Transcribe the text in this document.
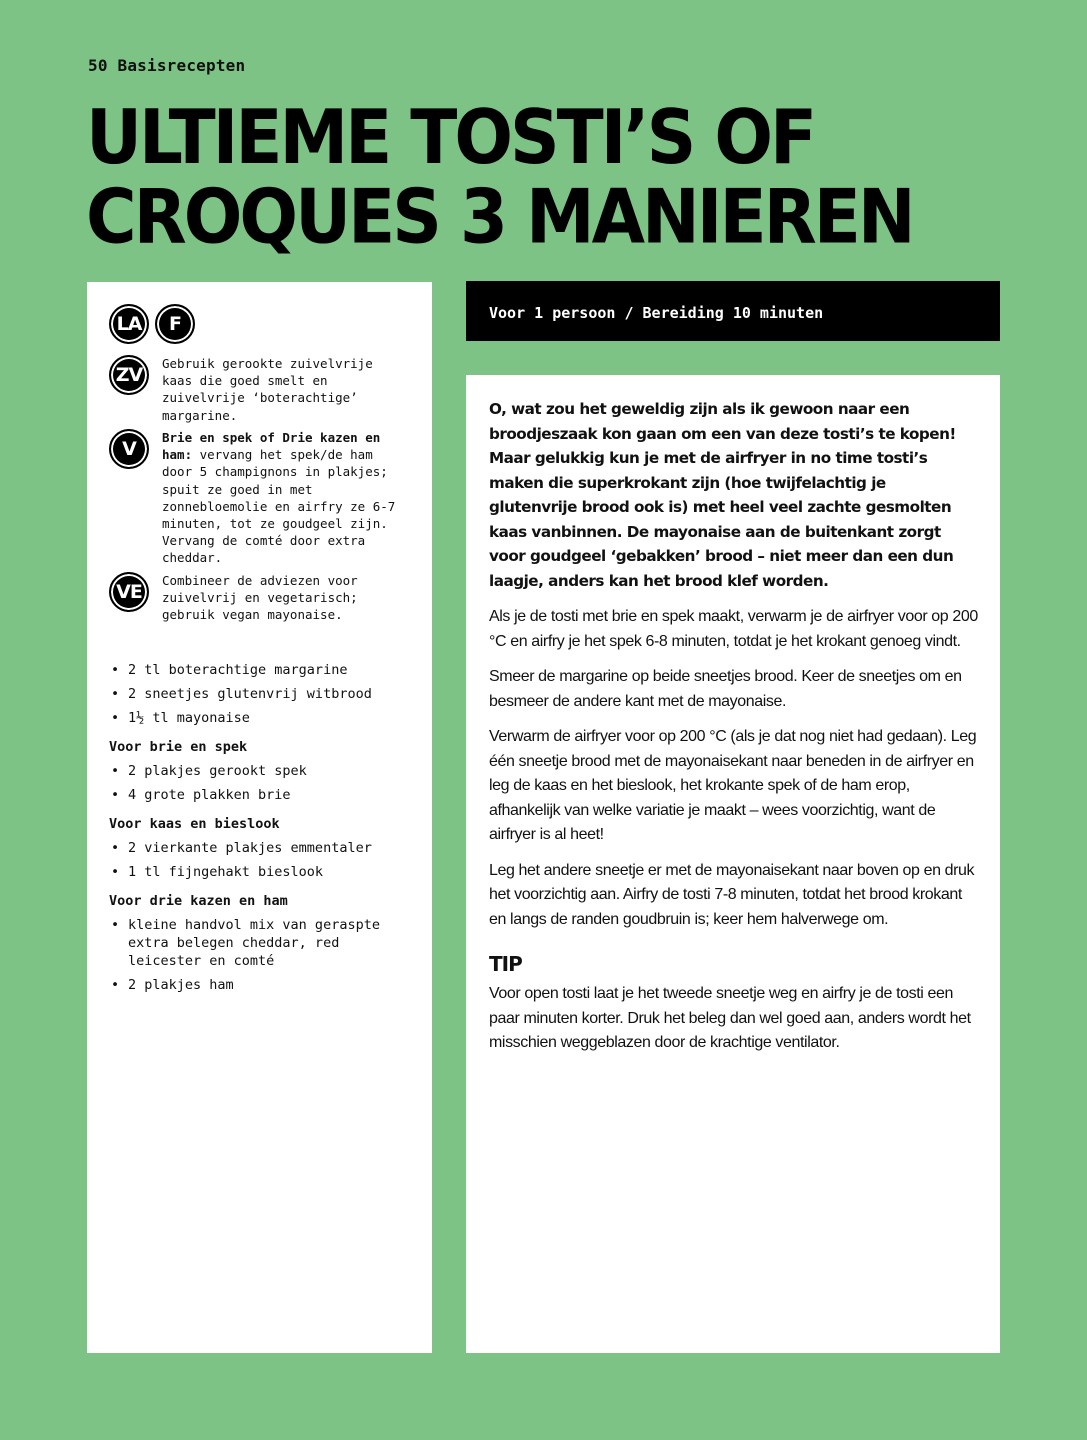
50 Basisrecepten
ULTIEME TOSTI’S OF
CROQUES 3 MANIEREN
LA	F
ZV
Gebruik gerookte zuivelvrije kaas die goed smelt en zuivelvrije ‘boterachtige’ margarine.
V
Brie en spek of Drie kazen en ham: vervang het spek/de ham door 5 champignons in plakjes; spuit ze goed in met zonnebloemolie en airfry ze 6-7 minuten, tot ze goudgeel zijn. Vervang de comté door extra cheddar.
VE
Combineer de adviezen voor zuivelvrij en vegetarisch; gebruik vegan mayonaise.
• 2 tl boterachtige margarine
• 2 sneetjes glutenvrij witbrood
• 1½ tl mayonaise
Voor brie en spek
• 2 plakjes gerookt spek
• 4 grote plakken brie
Voor kaas en bieslook
• 2 vierkante plakjes emmentaler
• 1 tl fijngehakt bieslook
Voor drie kazen en ham
• kleine handvol mix van geraspte extra belegen cheddar, red leicester en comté
• 2 plakjes ham
Voor 1 persoon / Bereiding 10 minuten

O, wat zou het geweldig zijn als ik gewoon naar een broodjeszaak kon gaan om een van deze tosti’s te kopen! Maar gelukkig kun je met de airfryer in no time tosti’s maken die superkrokant zijn (hoe twijfelachtig je glutenvrije brood ook is) met heel veel zachte gesmolten kaas vanbinnen. De mayonaise aan de buitenkant zorgt voor goudgeel ‘gebakken’ brood – niet meer dan een dun laagje, anders kan het brood klef worden.

Als je de tosti met brie en spek maakt, verwarm je de airfryer voor op 200 °C en airfry je het spek 6-8 minuten, totdat je het krokant genoeg vindt.

Smeer de margarine op beide sneetjes brood. Keer de sneetjes om en besmeer de andere kant met de mayonaise.

Verwarm de airfryer voor op 200 °C (als je dat nog niet had gedaan). Leg één sneetje brood met de mayonaisekant naar beneden in de airfryer en leg de kaas en het bieslook, het krokante spek of de ham erop, afhankelijk van welke variatie je maakt – wees voorzichtig, want de airfryer is al heet!

Leg het andere sneetje er met de mayonaisekant naar boven op en druk het voorzichtig aan. Airfry de tosti 7-8 minuten, totdat het brood krokant en langs de randen goudbruin is; keer hem halverwege om.

TIP

Voor open tosti laat je het tweede sneetje weg en airfry je de tosti een paar minuten korter. Druk het beleg dan wel goed aan, anders wordt het misschien weggeblazen door de krachtige ventilator.
